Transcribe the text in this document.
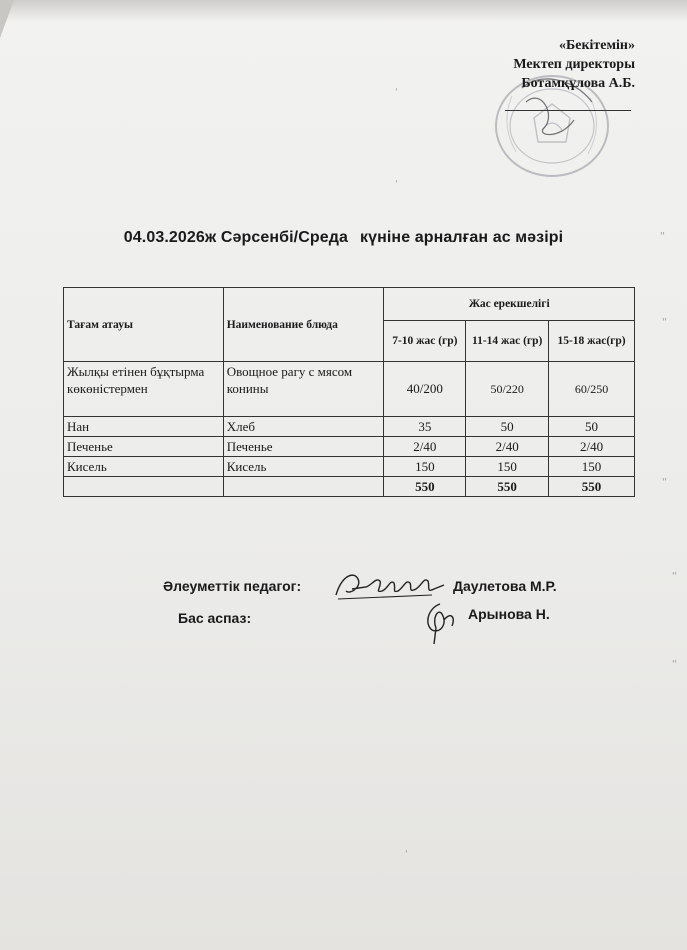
«Бекітемін»
Мектеп директоры
Ботамқұлова А.Б.
04.03.2026ж Сәрсенбі/Среда күніне арналған ас мәзірі
Тағам атауы	Наименование блюда	Жас ерекшелігі		
		7-10 жас (гр)	11-14 жас (гр)	15-18 жас(гр)
Жылқы етінен бұқтырма көкөністермен	Овощное рагу с мясом конины	40/200	50/220	60/250
Нан	Хлеб	35	50	50
Печенье	Печенье	2/40	2/40	2/40
Кисель	Кисель	150	150	150
		550	550	550
Әлеуметтік педагог:	Даулетова М.Р.
Бас аспаз:	Арынова Н.
ˈ
ˈ
ˈˈ
ˈˈ
ˈˈ
ˈˈ
ˈˈ
ˈ
